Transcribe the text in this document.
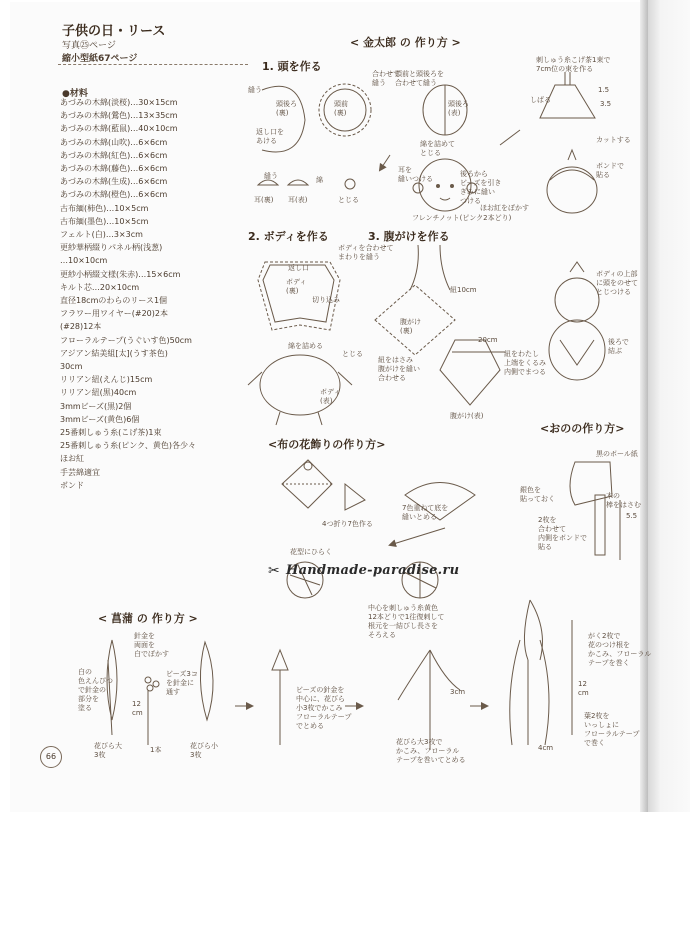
子供の日・リース
写真㉕ページ
縮小型紙67ページ
●材料
あづみの木綿(淡桜)…30×15cm
あづみの木綿(鶯色)…13×35cm
あづみの木綿(藍鼠)…40×10cm
あづみの木綿(山吹)…6×6cm
あづみの木綿(紅色)…6×6cm
あづみの木綿(藤色)…6×6cm
あづみの木綿(生成)…6×6cm
あづみの木綿(橙色)…6×6cm
古布緬(柿色)…10×5cm
古布緬(墨色)…10×5cm
フェルト(白)…3×3cm
更紗華柄綴りパネル柄(浅葱)
…10×10cm
更紗小柄綴文様(朱赤)…15×6cm
キルト芯…20×10cm
直径18cmのわらのリース1個
フラワー用ワイヤー(#20)2本
(#28)12本
フローラルテープ(うぐいす色)50cm
アジアン結美組[太](うす茶色)
30cm
リリアン紐(えんじ)15cm
リリアン紐(黒)40cm
3mmビーズ(黒)2個
3mmビーズ(黄色)6個
25番刺しゅう糸(こげ茶)1束
25番刺しゅう糸(ピンク、黄色)各少々
ほお紅
手芸綿適宜
ボンド
< 金太郎 の 作り方 >
1. 頭を作る
2. ボディを作る	3. 腹がけを作る
<布の花飾りの作り方>
<おのの作り方>
< 菖蒲 の 作り方 >
縫う
返し口を
あける
頭後ろ
(裏)
頭前
(裏)
合わせて
縫う
頭前と頭後ろを
合わせて縫う
頭後ろ
(表)
綿を詰めて
とじる
刺しゅう糸こげ茶1束で
7cm位の束を作る
しばる
1.5
3.5
カットする
ボンドで
貼る
縫う	綿
耳(裏) 耳(表)	とじる
耳を
縫いつける
後ろから
ビーズを引き
ぎみに縫い
つける
ほお紅をぼかす
フレンチノット(ピンク2本どり)
ボディを合わせて
まわりを縫う
返し口
ボディ
(裏)
切り込み
綿を詰める
とじる
ボディ
(表)
紐10cm
腹がけ
(裏)
20cm
紐をはさみ
腹がけを縫い
合わせる
紐をわたし
上端をくるみ
内側でまつる
腹がけ(表)
ボディの上部
に頭をのせて
とじつける
後ろで
結ぶ
4つ折り7色作る
7色重ねて底を
縫いとめる
花型にひらく
中心を刺しゅう糸黄色
12本どりで1往復刺して
根元を一結びし長さを
そろえる
黒のボール紙
銀色を
貼っておく	木の
棒をはさむ
5.5
2枚を
合わせて
内側をボンドで
貼る
針金を
両面を
白でぼかす
白の
色えんぴつ
で針金の
部分を
塗る
ビーズ3コ
を針金に
通す
12
cm
1本
花びら大
3枚
花びら小
3枚
ビーズの針金を
中心に、花びら
小3枚でかこみ
フローラルテープ
でとめる
3cm
花びら大3枚で
かこみ、フローラル
テープを巻いてとめる
がく2枚で
花のつけ根を
かこみ、フローラル
テープを巻く
12
cm
葉2枚を
いっしょに
フローラルテープ
で巻く
4cm
✂ Handmade-paradise.ru
66
